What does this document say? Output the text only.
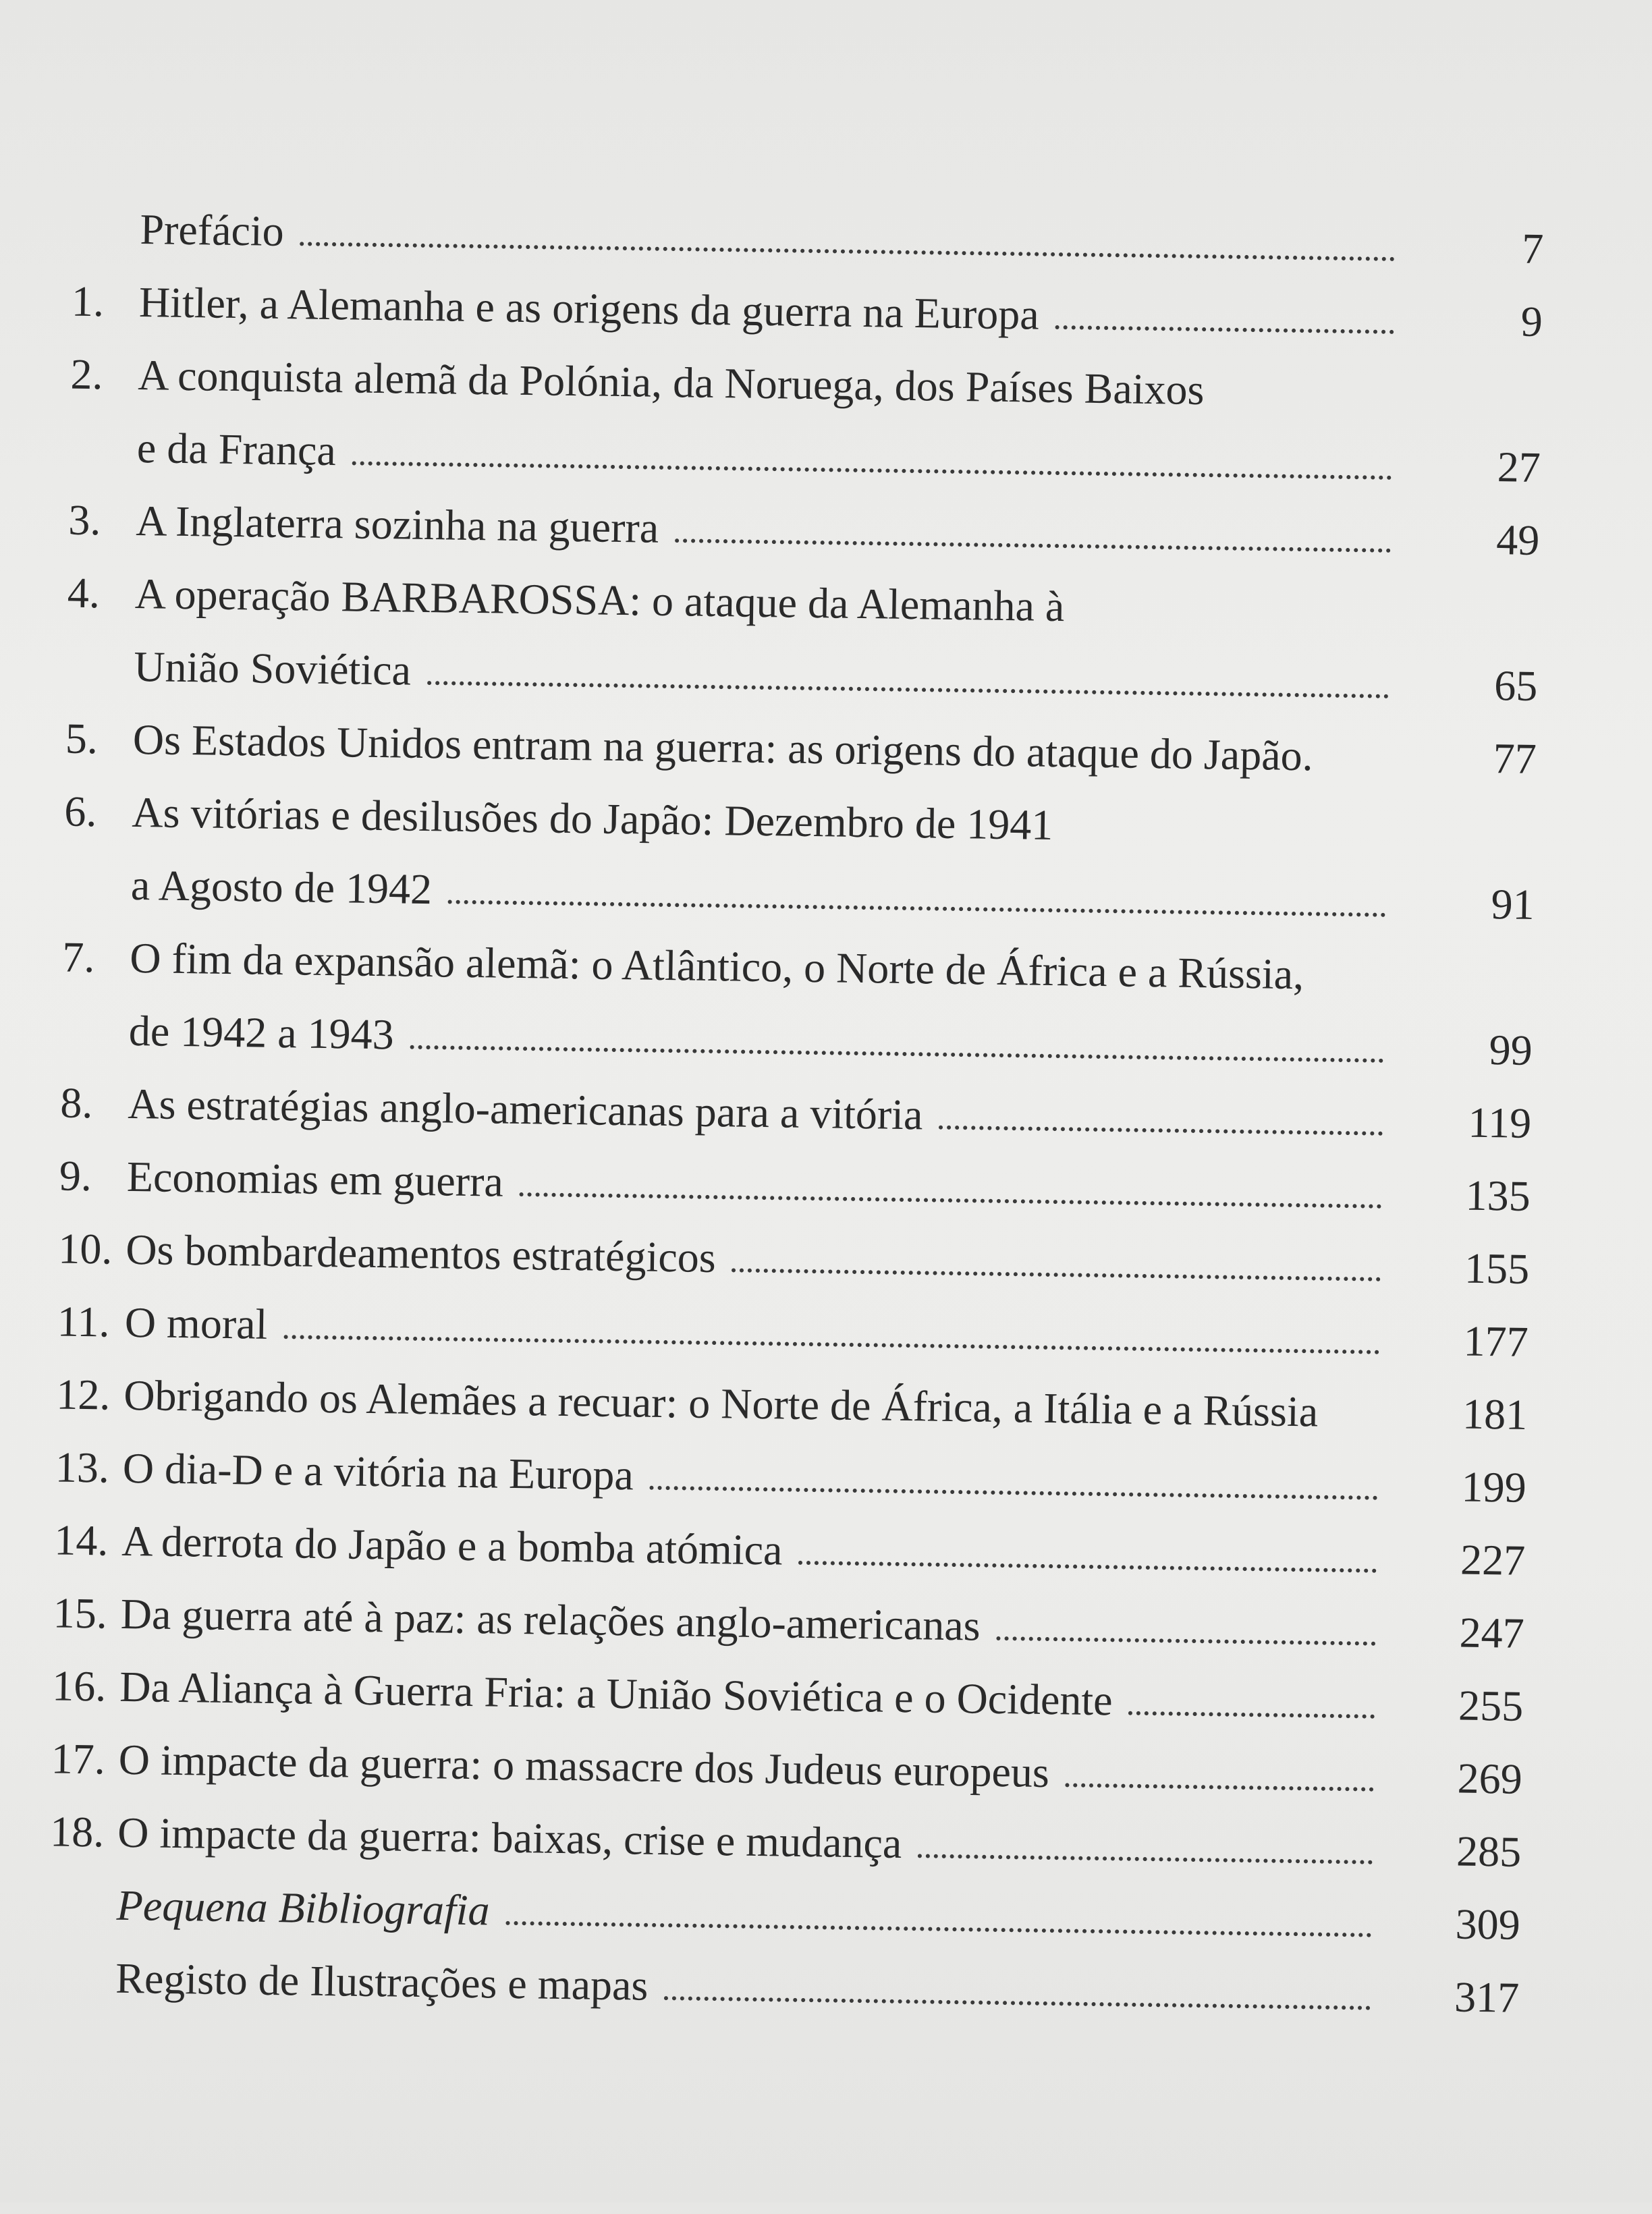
Prefácio	7
1. Hitler, a Alemanha e as origens da guerra na Europa	9
2. A conquista alemã da Polónia, da Noruega, dos Países Baixos
e da França	27
3. A Inglaterra sozinha na guerra	49
4. A operação BARBAROSSA: o ataque da Alemanha à
União Soviética	65
5. Os Estados Unidos entram na guerra: as origens do ataque do Japão.	77
6. As vitórias e desilusões do Japão: Dezembro de 1941
a Agosto de 1942	91
7. O fim da expansão alemã: o Atlântico, o Norte de África e a Rússia,
de 1942 a 1943	99
8. As estratégias anglo-americanas para a vitória	119
9. Economias em guerra	135
10. Os bombardeamentos estratégicos	155
11. O moral	177
12. Obrigando os Alemães a recuar: o Norte de África, a Itália e a Rússia	181
13. O dia-D e a vitória na Europa	199
14. A derrota do Japão e a bomba atómica	227
15. Da guerra até à paz: as relações anglo-americanas	247
16. Da Aliança à Guerra Fria: a União Soviética e o Ocidente	255
17. O impacte da guerra: o massacre dos Judeus europeus	269
18. O impacte da guerra: baixas, crise e mudança	285
Pequena Bibliografia	309
Registo de Ilustrações e mapas	317
